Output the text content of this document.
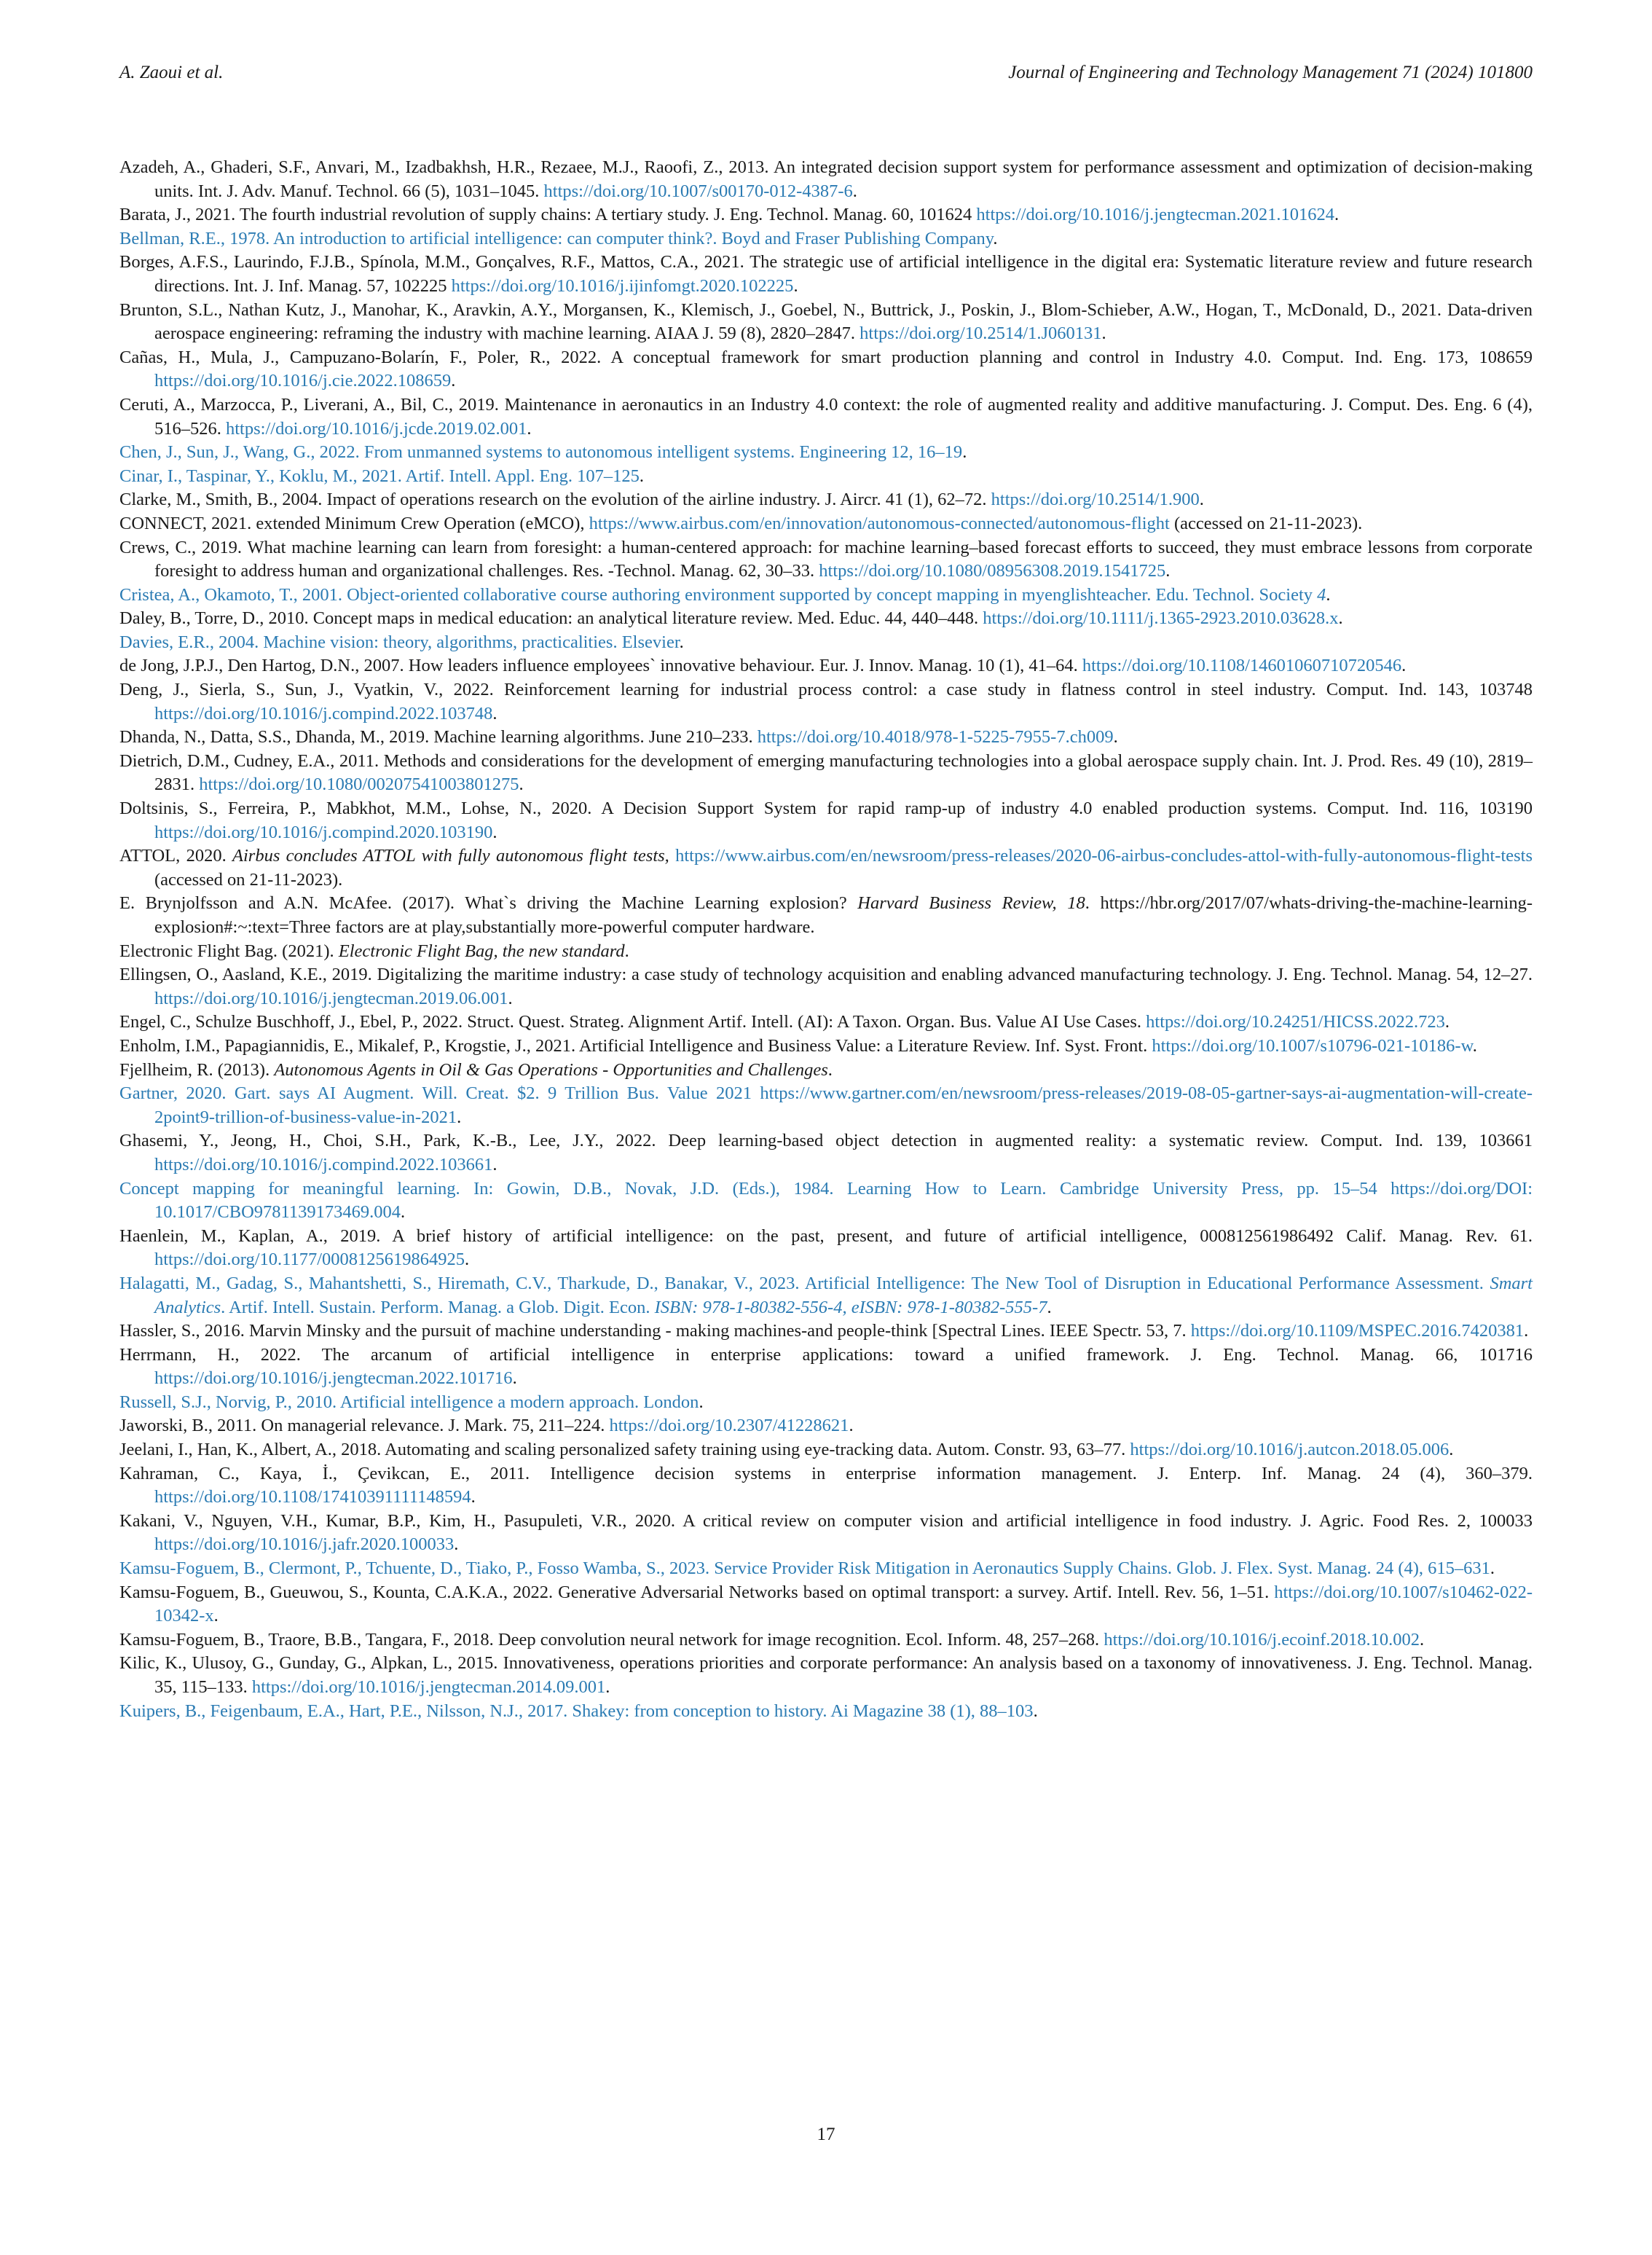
A. Zaoui et al.	Journal of Engineering and Technology Management 71 (2024) 101800

Azadeh, A., Ghaderi, S.F., Anvari, M., Izadbakhsh, H.R., Rezaee, M.J., Raoofi, Z., 2013. An integrated decision support system for performance assessment and optimization of decision-making units. Int. J. Adv. Manuf. Technol. 66 (5), 1031–1045. https://doi.org/10.1007/s00170-012-4387-6.

Barata, J., 2021. The fourth industrial revolution of supply chains: A tertiary study. J. Eng. Technol. Manag. 60, 101624 https://doi.org/10.1016/j.jengtecman.2021.101624.

Bellman, R.E., 1978. An introduction to artificial intelligence: can computer think?. Boyd and Fraser Publishing Company.

Borges, A.F.S., Laurindo, F.J.B., Spínola, M.M., Gonçalves, R.F., Mattos, C.A., 2021. The strategic use of artificial intelligence in the digital era: Systematic literature review and future research directions. Int. J. Inf. Manag. 57, 102225 https://doi.org/10.1016/j.ijinfomgt.2020.102225.

Brunton, S.L., Nathan Kutz, J., Manohar, K., Aravkin, A.Y., Morgansen, K., Klemisch, J., Goebel, N., Buttrick, J., Poskin, J., Blom-Schieber, A.W., Hogan, T., McDonald, D., 2021. Data-driven aerospace engineering: reframing the industry with machine learning. AIAA J. 59 (8), 2820–2847. https://doi.org/10.2514/1.J060131.

Cañas, H., Mula, J., Campuzano-Bolarín, F., Poler, R., 2022. A conceptual framework for smart production planning and control in Industry 4.0. Comput. Ind. Eng. 173, 108659 https://doi.org/10.1016/j.cie.2022.108659.

Ceruti, A., Marzocca, P., Liverani, A., Bil, C., 2019. Maintenance in aeronautics in an Industry 4.0 context: the role of augmented reality and additive manufacturing. J. Comput. Des. Eng. 6 (4), 516–526. https://doi.org/10.1016/j.jcde.2019.02.001.

Chen, J., Sun, J., Wang, G., 2022. From unmanned systems to autonomous intelligent systems. Engineering 12, 16–19.

Cinar, I., Taspinar, Y., Koklu, M., 2021. Artif. Intell. Appl. Eng. 107–125.

Clarke, M., Smith, B., 2004. Impact of operations research on the evolution of the airline industry. J. Aircr. 41 (1), 62–72. https://doi.org/10.2514/1.900.

CONNECT, 2021. extended Minimum Crew Operation (eMCO), https://www.airbus.com/en/innovation/autonomous-connected/autonomous-flight (accessed on 21-11-2023).

Crews, C., 2019. What machine learning can learn from foresight: a human-centered approach: for machine learning–based forecast efforts to succeed, they must embrace lessons from corporate foresight to address human and organizational challenges. Res. -Technol. Manag. 62, 30–33. https://doi.org/10.1080/08956308.2019.1541725.

Cristea, A., Okamoto, T., 2001. Object-oriented collaborative course authoring environment supported by concept mapping in myenglishteacher. Edu. Technol. Society 4.

Daley, B., Torre, D., 2010. Concept maps in medical education: an analytical literature review. Med. Educ. 44, 440–448. https://doi.org/10.1111/j.1365-2923.2010.03628.x.

Davies, E.R., 2004. Machine vision: theory, algorithms, practicalities. Elsevier.

de Jong, J.P.J., Den Hartog, D.N., 2007. How leaders influence employees` innovative behaviour. Eur. J. Innov. Manag. 10 (1), 41–64. https://doi.org/10.1108/14601060710720546.

Deng, J., Sierla, S., Sun, J., Vyatkin, V., 2022. Reinforcement learning for industrial process control: a case study in flatness control in steel industry. Comput. Ind. 143, 103748 https://doi.org/10.1016/j.compind.2022.103748.

Dhanda, N., Datta, S.S., Dhanda, M., 2019. Machine learning algorithms. June 210–233. https://doi.org/10.4018/978-1-5225-7955-7.ch009.

Dietrich, D.M., Cudney, E.A., 2011. Methods and considerations for the development of emerging manufacturing technologies into a global aerospace supply chain. Int. J. Prod. Res. 49 (10), 2819–2831. https://doi.org/10.1080/00207541003801275.

Doltsinis, S., Ferreira, P., Mabkhot, M.M., Lohse, N., 2020. A Decision Support System for rapid ramp-up of industry 4.0 enabled production systems. Comput. Ind. 116, 103190 https://doi.org/10.1016/j.compind.2020.103190.

ATTOL, 2020. Airbus concludes ATTOL with fully autonomous flight tests, https://www.airbus.com/en/newsroom/press-releases/2020-06-airbus-concludes-attol-with-fully-autonomous-flight-tests (accessed on 21-11-2023).

E. Brynjolfsson and A.N. McAfee. (2017). What`s driving the Machine Learning explosion? Harvard Business Review, 18. https://hbr.org/2017/07/whats-driving-the-machine-learning-explosion#:~:text=Three factors are at play,substantially more-powerful computer hardware.

Electronic Flight Bag. (2021). Electronic Flight Bag, the new standard.

Ellingsen, O., Aasland, K.E., 2019. Digitalizing the maritime industry: a case study of technology acquisition and enabling advanced manufacturing technology. J. Eng. Technol. Manag. 54, 12–27. https://doi.org/10.1016/j.jengtecman.2019.06.001.

Engel, C., Schulze Buschhoff, J., Ebel, P., 2022. Struct. Quest. Strateg. Alignment Artif. Intell. (AI): A Taxon. Organ. Bus. Value AI Use Cases. https://doi.org/10.24251/HICSS.2022.723.

Enholm, I.M., Papagiannidis, E., Mikalef, P., Krogstie, J., 2021. Artificial Intelligence and Business Value: a Literature Review. Inf. Syst. Front. https://doi.org/10.1007/s10796-021-10186-w.

Fjellheim, R. (2013). Autonomous Agents in Oil & Gas Operations - Opportunities and Challenges.

Gartner, 2020. Gart. says AI Augment. Will. Creat. $2. 9 Trillion Bus. Value 2021 https://www.gartner.com/en/newsroom/press-releases/2019-08-05-gartner-says-ai-augmentation-will-create-2point9-trillion-of-business-value-in-2021.

Ghasemi, Y., Jeong, H., Choi, S.H., Park, K.-B., Lee, J.Y., 2022. Deep learning-based object detection in augmented reality: a systematic review. Comput. Ind. 139, 103661 https://doi.org/10.1016/j.compind.2022.103661.

Concept mapping for meaningful learning. In: Gowin, D.B., Novak, J.D. (Eds.), 1984. Learning How to Learn. Cambridge University Press, pp. 15–54 https://doi.org/DOI: 10.1017/CBO9781139173469.004.

Haenlein, M., Kaplan, A., 2019. A brief history of artificial intelligence: on the past, present, and future of artificial intelligence, 000812561986492 Calif. Manag. Rev. 61. https://doi.org/10.1177/0008125619864925.

Halagatti, M., Gadag, S., Mahantshetti, S., Hiremath, C.V., Tharkude, D., Banakar, V., 2023. Artificial Intelligence: The New Tool of Disruption in Educational Performance Assessment. Smart Analytics. Artif. Intell. Sustain. Perform. Manag. a Glob. Digit. Econ. ISBN: 978-1-80382-556-4, eISBN: 978-1-80382-555-7.

Hassler, S., 2016. Marvin Minsky and the pursuit of machine understanding - making machines-and people-think [Spectral Lines. IEEE Spectr. 53, 7. https://doi.org/10.1109/MSPEC.2016.7420381.

Herrmann, H., 2022. The arcanum of artificial intelligence in enterprise applications: toward a unified framework. J. Eng. Technol. Manag. 66, 101716 https://doi.org/10.1016/j.jengtecman.2022.101716.

Russell, S.J., Norvig, P., 2010. Artificial intelligence a modern approach. London.

Jaworski, B., 2011. On managerial relevance. J. Mark. 75, 211–224. https://doi.org/10.2307/41228621.

Jeelani, I., Han, K., Albert, A., 2018. Automating and scaling personalized safety training using eye-tracking data. Autom. Constr. 93, 63–77. https://doi.org/10.1016/j.autcon.2018.05.006.

Kahraman, C., Kaya, İ., Çevikcan, E., 2011. Intelligence decision systems in enterprise information management. J. Enterp. Inf. Manag. 24 (4), 360–379. https://doi.org/10.1108/17410391111148594.

Kakani, V., Nguyen, V.H., Kumar, B.P., Kim, H., Pasupuleti, V.R., 2020. A critical review on computer vision and artificial intelligence in food industry. J. Agric. Food Res. 2, 100033 https://doi.org/10.1016/j.jafr.2020.100033.

Kamsu-Foguem, B., Clermont, P., Tchuente, D., Tiako, P., Fosso Wamba, S., 2023. Service Provider Risk Mitigation in Aeronautics Supply Chains. Glob. J. Flex. Syst. Manag. 24 (4), 615–631.

Kamsu-Foguem, B., Gueuwou, S., Kounta, C.A.K.A., 2022. Generative Adversarial Networks based on optimal transport: a survey. Artif. Intell. Rev. 56, 1–51. https://doi.org/10.1007/s10462-022-10342-x.

Kamsu-Foguem, B., Traore, B.B., Tangara, F., 2018. Deep convolution neural network for image recognition. Ecol. Inform. 48, 257–268. https://doi.org/10.1016/j.ecoinf.2018.10.002.

Kilic, K., Ulusoy, G., Gunday, G., Alpkan, L., 2015. Innovativeness, operations priorities and corporate performance: An analysis based on a taxonomy of innovativeness. J. Eng. Technol. Manag. 35, 115–133. https://doi.org/10.1016/j.jengtecman.2014.09.001.

Kuipers, B., Feigenbaum, E.A., Hart, P.E., Nilsson, N.J., 2017. Shakey: from conception to history. Ai Magazine 38 (1), 88–103.

17
